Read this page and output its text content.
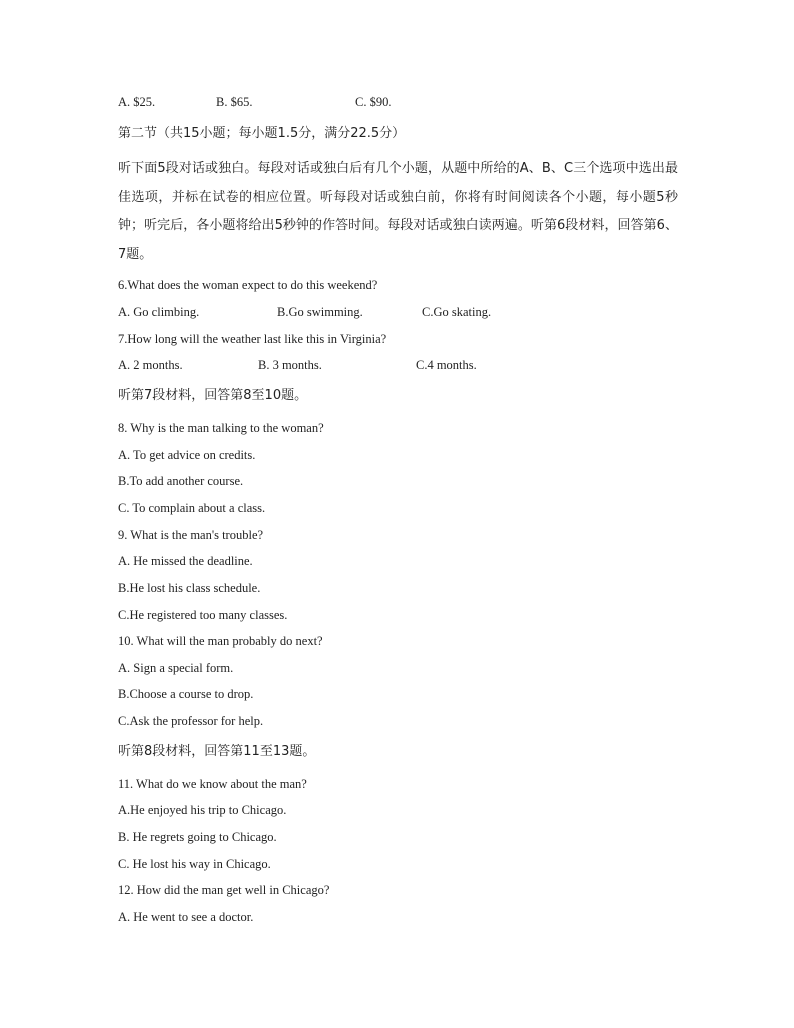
A. $25.	B. $65.	C. $90.
第二节（共15小题；每小题1.5分，满分22.5分）
听下面5段对话或独白。每段对话或独白后有几个小题，从题中所给的A、B、C三个选项中选出最佳选项，并标在试卷的相应位置。听每段对话或独白前，你将有时间阅读各个小题，每小题5秒钟；听完后，各小题将给出5秒钟的作答时间。每段对话或独白读两遍。听第6段材料，回答第6、7题。
6.What does the woman expect to do this weekend?
A. Go climbing.	B.Go swimming.	C.Go skating.
7.How long will the weather last like this in Virginia?
A. 2 months.	B. 3 months.	C.4 months.
听第7段材料，回答第8至10题。
8. Why is the man talking to the woman?
A. To get advice on credits.
B.To add another course.
C. To complain about a class.
9. What is the man's trouble?
A. He missed the deadline.
B.He lost his class schedule.
C.He registered too many classes.
10. What will the man probably do next?
A. Sign a special form.
B.Choose a course to drop.
C.Ask the professor for help.
听第8段材料，回答第11至13题。
11. What do we know about the man?
A.He enjoyed his trip to Chicago.
B. He regrets going to Chicago.
C. He lost his way in Chicago.
12. How did the man get well in Chicago?
A. He went to see a doctor.
